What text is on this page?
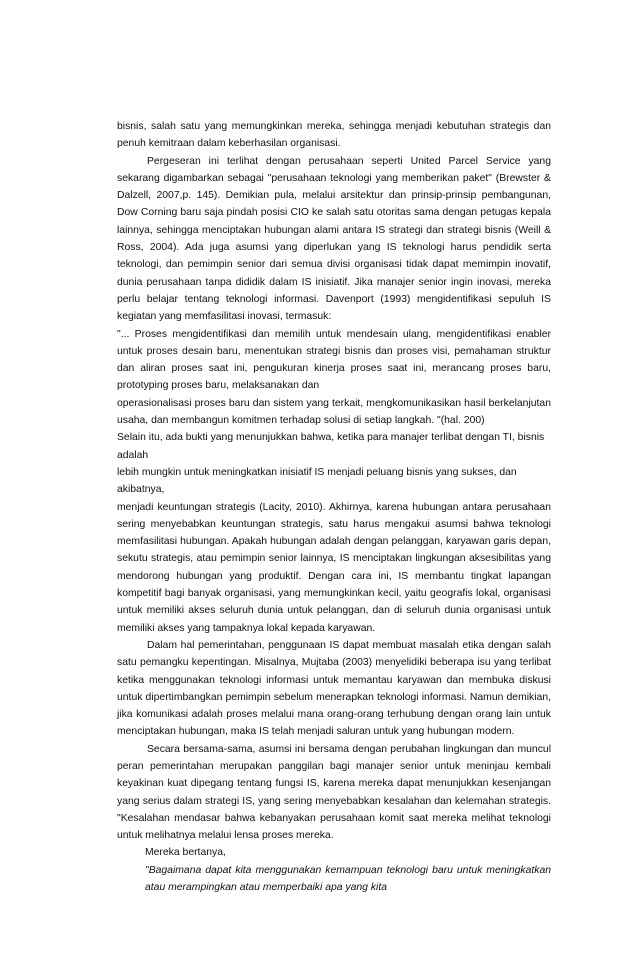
bisnis, salah satu yang memungkinkan mereka, sehingga menjadi kebutuhan strategis dan penuh kemitraan dalam keberhasilan organisasi.

Pergeseran ini terlihat dengan perusahaan seperti United Parcel Service yang sekarang digambarkan sebagai "perusahaan teknologi yang memberikan paket" (Brewster & Dalzell, 2007,p. 145). Demikian pula, melalui arsitektur dan prinsip-prinsip pembangunan, Dow Corning baru saja pindah posisi CIO ke salah satu otoritas sama dengan petugas kepala lainnya, sehingga menciptakan hubungan alami antara IS strategi dan strategi bisnis (Weill & Ross, 2004). Ada juga asumsi yang diperlukan yang IS teknologi harus pendidik serta teknologi, dan pemimpin senior dari semua divisi organisasi tidak dapat memimpin inovatif, dunia perusahaan tanpa dididik dalam IS inisiatif. Jika manajer senior ingin inovasi, mereka perlu belajar tentang teknologi informasi. Davenport (1993) mengidentifikasi sepuluh IS kegiatan yang memfasilitasi inovasi, termasuk:

"... Proses mengidentifikasi dan memilih untuk mendesain ulang, mengidentifikasi enabler untuk proses desain baru, menentukan strategi bisnis dan proses visi, pemahaman struktur dan aliran proses saat ini, pengukuran kinerja proses saat ini, merancang proses baru, prototyping proses baru, melaksanakan dan

operasionalisasi proses baru dan sistem yang terkait, mengkomunikasikan hasil berkelanjutan usaha, dan membangun komitmen terhadap solusi di setiap langkah. "(hal. 200)

Selain itu, ada bukti yang menunjukkan bahwa, ketika para manajer terlibat dengan TI, bisnis adalah

lebih mungkin untuk meningkatkan inisiatif IS menjadi peluang bisnis yang sukses, dan akibatnya,

menjadi keuntungan strategis (Lacity, 2010). Akhirnya, karena hubungan antara perusahaan sering menyebabkan keuntungan strategis, satu harus mengakui asumsi bahwa teknologi memfasilitasi hubungan. Apakah hubungan adalah dengan pelanggan, karyawan garis depan, sekutu strategis, atau pemimpin senior lainnya, IS menciptakan lingkungan aksesibilitas yang mendorong hubungan yang produktif. Dengan cara ini, IS membantu tingkat lapangan kompetitif bagi banyak organisasi, yang memungkinkan kecil, yaitu geografis lokal, organisasi untuk memiliki akses seluruh dunia untuk pelanggan, dan di seluruh dunia organisasi untuk memiliki akses yang tampaknya lokal kepada karyawan.

Dalam hal pemerintahan, penggunaan IS dapat membuat masalah etika dengan salah satu pemangku kepentingan. Misalnya, Mujtaba (2003) menyelidiki beberapa isu yang terlibat ketika menggunakan teknologi informasi untuk memantau karyawan dan membuka diskusi untuk dipertimbangkan pemimpin sebelum menerapkan teknologi informasi. Namun demikian, jika komunikasi adalah proses melalui mana orang-orang terhubung dengan orang lain untuk menciptakan hubungan, maka IS telah menjadi saluran untuk yang hubungan modern.

Secara bersama-sama, asumsi ini bersama dengan perubahan lingkungan dan muncul peran pemerintahan merupakan panggilan bagi manajer senior untuk meninjau kembali keyakinan kuat dipegang tentang fungsi IS, karena mereka dapat menunjukkan kesenjangan yang serius dalam strategi IS, yang sering menyebabkan kesalahan dan kelemahan strategis. "Kesalahan mendasar bahwa kebanyakan perusahaan komit saat mereka melihat teknologi untuk melihatnya melalui lensa proses mereka.

Mereka bertanya,

"Bagaimana dapat kita menggunakan kemampuan teknologi baru untuk meningkatkan atau merampingkan atau memperbaiki apa yang kita
